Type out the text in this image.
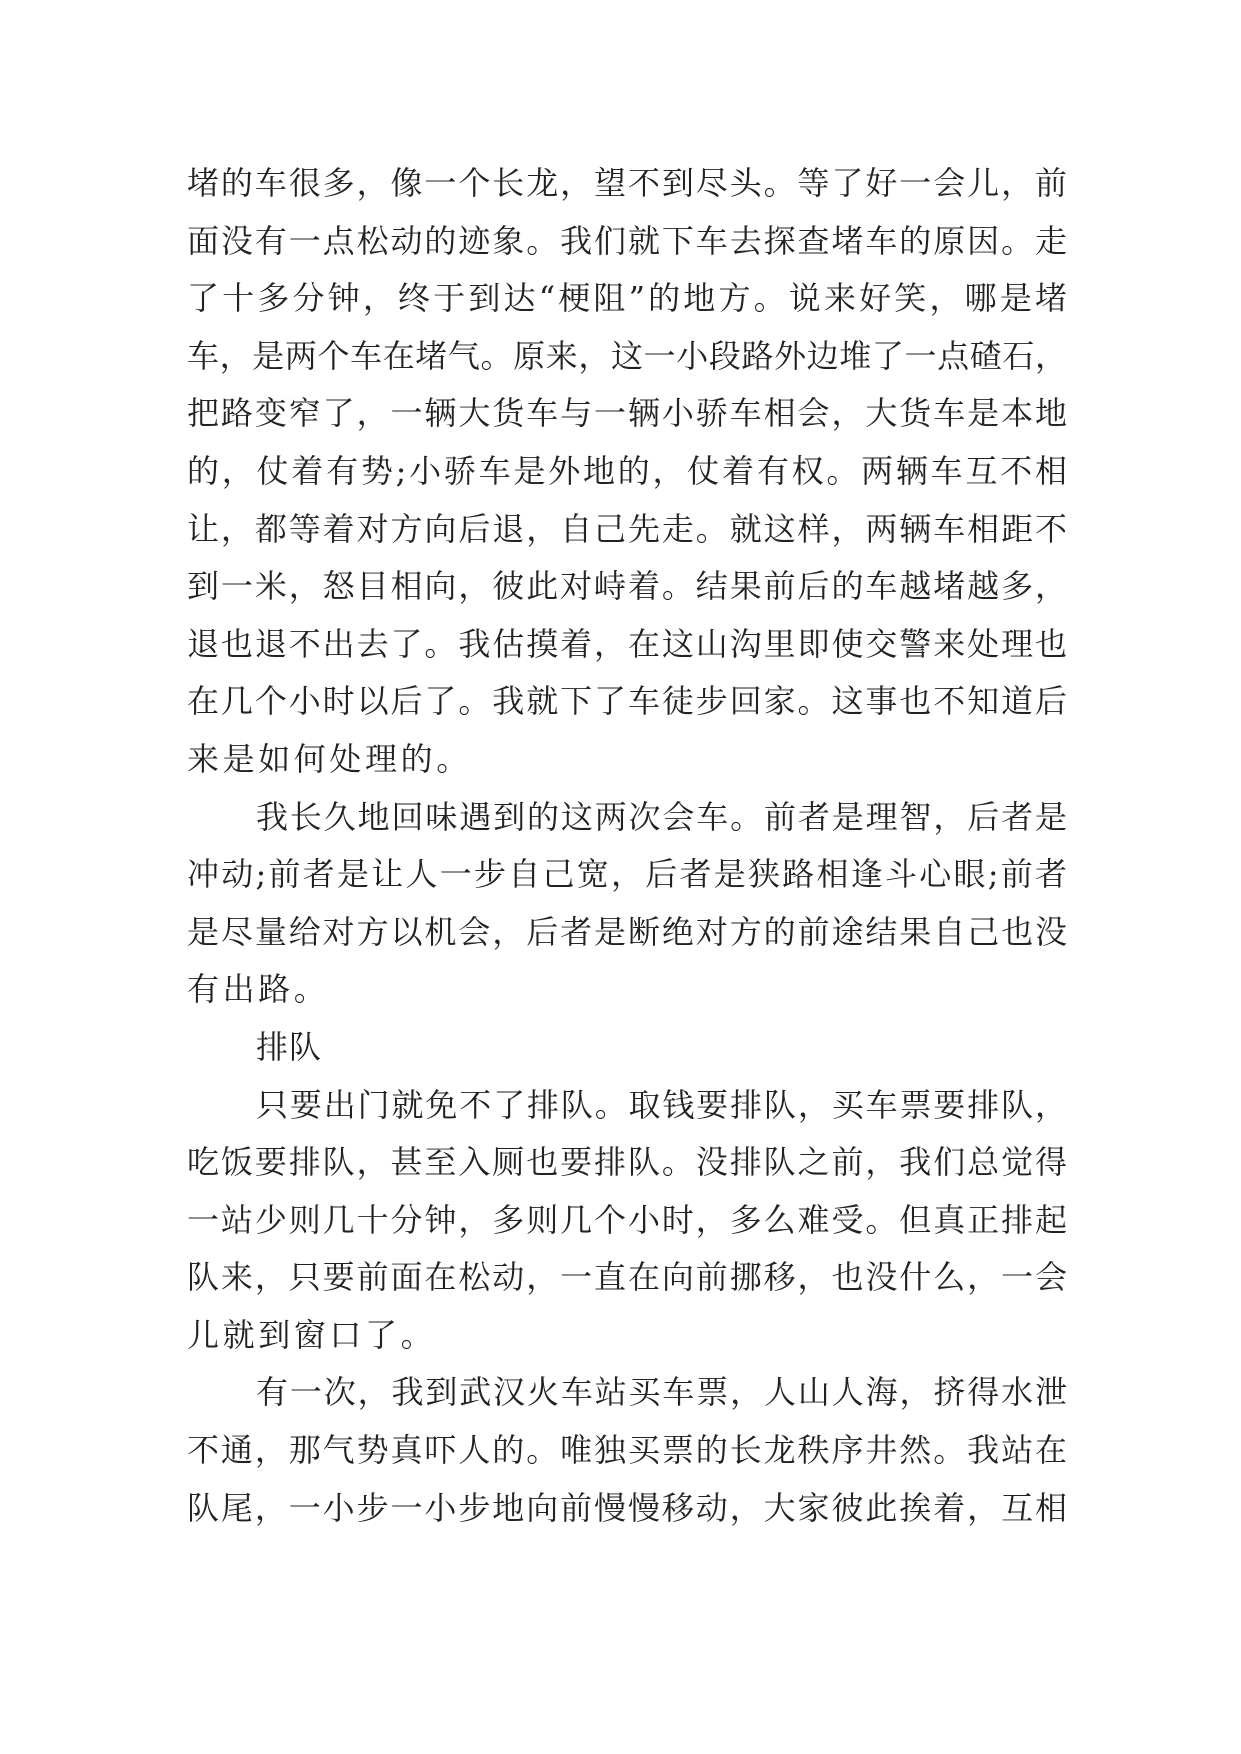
堵的车很多，像一个长龙，望不到尽头。等了好一会儿，前

面没有一点松动的迹象。我们就下车去探查堵车的原因。走

了十多分钟，终于到达“梗阻”的地方。说来好笑，哪是堵

车，是两个车在堵气。原来，这一小段路外边堆了一点碴石，

把路变窄了，一辆大货车与一辆小骄车相会，大货车是本地

的，仗着有势;小骄车是外地的，仗着有权。两辆车互不相

让，都等着对方向后退，自己先走。就这样，两辆车相距不

到一米，怒目相向，彼此对峙着。结果前后的车越堵越多，

退也退不出去了。我估摸着，在这山沟里即使交警来处理也

在几个小时以后了。我就下了车徒步回家。这事也不知道后

来是如何处理的。

我长久地回味遇到的这两次会车。前者是理智，后者是

冲动;前者是让人一步自己宽，后者是狭路相逢斗心眼;前者

是尽量给对方以机会，后者是断绝对方的前途结果自己也没

有出路。

排队

只要出门就免不了排队。取钱要排队，买车票要排队，

吃饭要排队，甚至入厕也要排队。没排队之前，我们总觉得

一站少则几十分钟，多则几个小时，多么难受。但真正排起

队来，只要前面在松动，一直在向前挪移，也没什么，一会

儿就到窗口了。

有一次，我到武汉火车站买车票，人山人海，挤得水泄

不通，那气势真吓人的。唯独买票的长龙秩序井然。我站在

队尾，一小步一小步地向前慢慢移动，大家彼此挨着，互相
